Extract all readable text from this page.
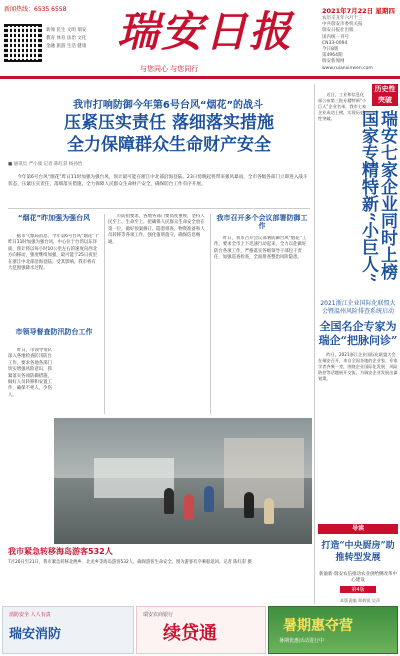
新闻热线：6535 6558
新闻 民生 文明 瑞安
教育 体育 法治 文化
金融 旅游 生活 健康 瑞安日报
与您同心 与您同行
2021年7月22日 星期四
农历辛丑年六月十三
中共瑞安市委机关报
瑞安日报社出版
国内统一刊号
CN33-0094
今日8版
第4964期
瑞安新闻网
www.ruianxinwen.com
我市打响防御今年第6号台风“烟花”的战斗
压紧压实责任 落细落实措施
全力保障群众生命财产安全
■ 通讯员 严小康 记者 陈红彩 杨孙怡
今年第6号台风“烟花”昨日11时加强为强台风，预计最可能在浙江中北部沿海登陆。23日傍晚起将带来强风暴雨，全市各级各部门立即进入战斗状态，压紧压实责任，落细落实措施，全力保障人民群众生命财产安全，确保防台工作有序开展。
“烟花”昨加强为强台风
据市气象局消息，今年第6号台风“烟花”于昨日11时加强为强台风，中心位于台湾以东洋面，预计将以每小时10公里左右的速度向西北方向移动，强度继续加强，最可能于25日夜里在浙江中北部沿海登陆。受其影响，我市将有大范围强降水过程。
市领导督查防汛防台工作
昨日，市领导带队深入各地检查防汛防台工作，要求各地各部门切实增强风险意识，抓紧落实各项防御措施，做好人员转移和安置工作，确保不死人、少伤人。
市防指要求，各地各部门要高度重视，坚持人民至上、生命至上，把确保人民群众生命安全放在第一位，做好预案修订、隐患排查、物资准备和人员转移等各项工作，强化值班值守，确保信息畅通。
我市召开多个会议部署防御工作
昨日，我市召开会议部署防御台风“烟花”工作，要求全市上下迅速行动起来，全力以赴做好防台各项工作，严格落实各级领导干部包干责任，加强巡查检查，全面排查整治风险隐患。
我市紧急转移海岛游客532人
7月20日至21日，我市紧急转移北麂乡、北龙乡等海岛游客532人，确保游客生命安全。图为游客有序乘船返回。记者 陈红彩 摄
近日，工业和信息化部公布第三批专精特新“小巨人”企业名单，我市七家企业成功上榜，实现历史性突破。
历史性突破
瑞安七家企业同时上榜国家专精特新“小巨人”
2021浙江企业国际化联盟大会暨温州风险排查系统启动
全国名企专家为瑞企“把脉问诊”
昨日，2021浙江企业国际化联盟大会在瑞安召开，来自全国各地的企业家、专家学者齐聚一堂，围绕企业国际化发展、风险防控等话题展开交流，为瑞安企业发展出谋划策。
导读
打造“中央厨房”助推转型发展
新渝新·瑞安农信推动农业供给侧改革中心建设
第4版
本版责编 郑炳锐 吴萍
消防安全 人人有责
瑞安消防
瑞安农商银行
续贷通	暑期惠夺营
暑期优惠活动进行中
